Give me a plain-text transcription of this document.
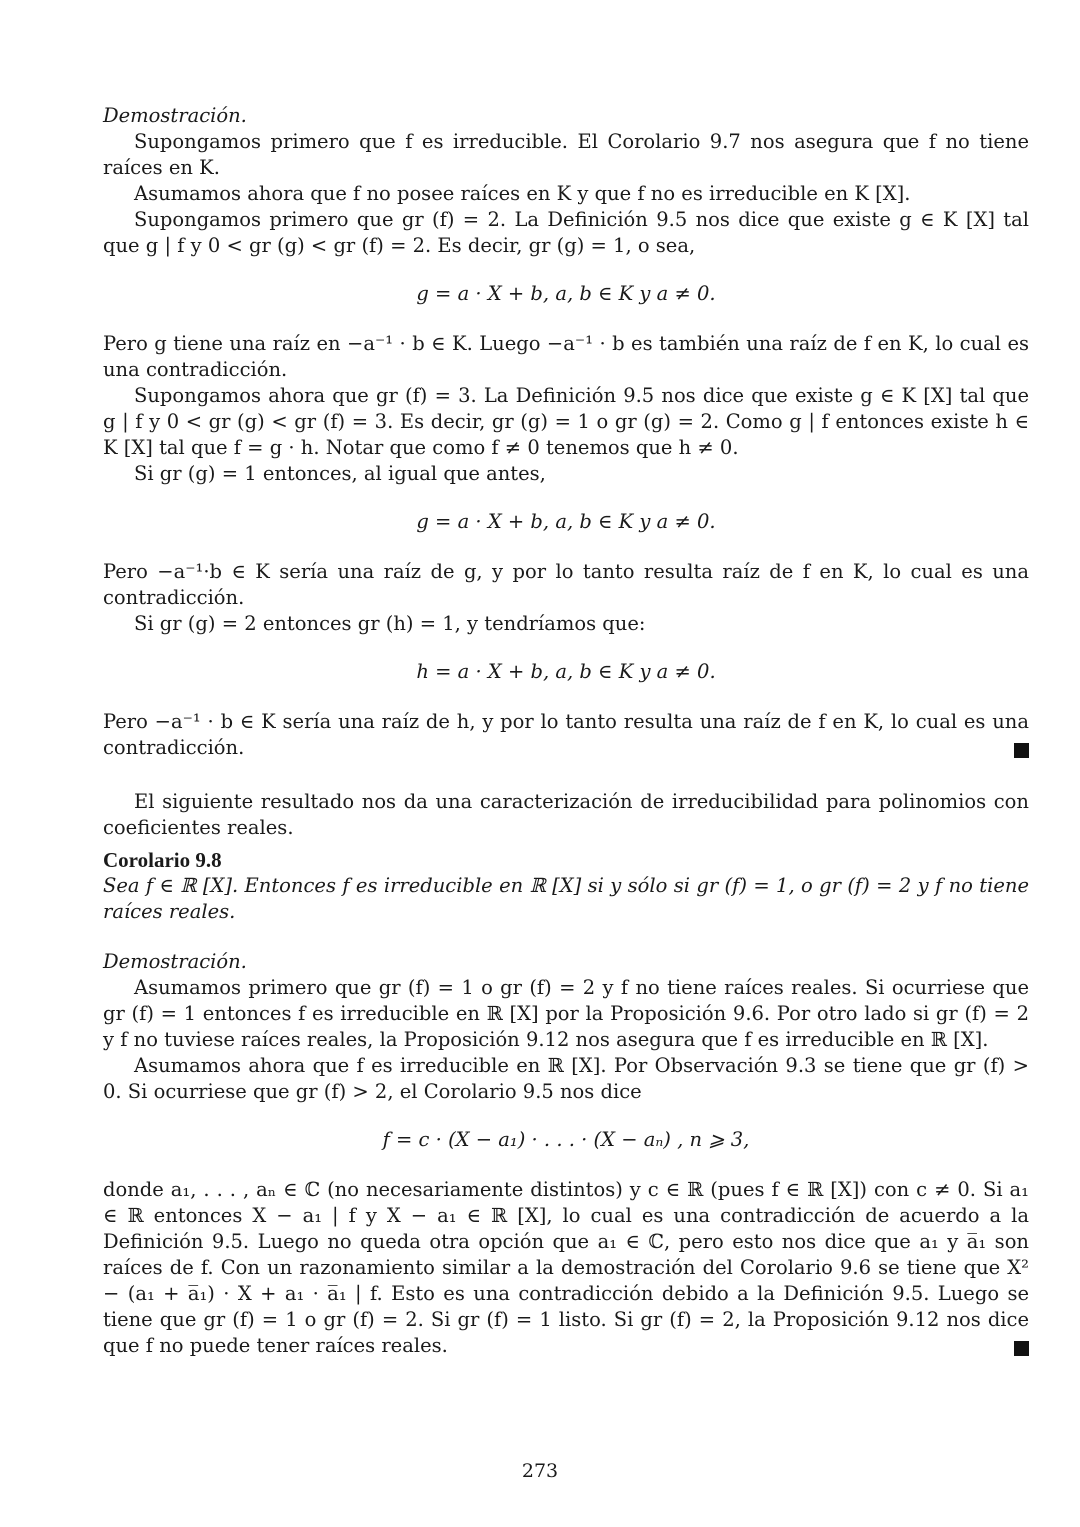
Demostración.

Supongamos primero que f es irreducible. El Corolario 9.7 nos asegura que f no tiene raíces en K.

Asumamos ahora que f no posee raíces en K y que f no es irreducible en K [X].

Supongamos primero que gr (f) = 2. La Definición 9.5 nos dice que existe g ∈ K [X] tal que g | f y 0 < gr (g) < gr (f) = 2. Es decir, gr (g) = 1, o sea,

g = a · X + b, a, b ∈ K y a ≠ 0.

Pero g tiene una raíz en −a⁻¹ · b ∈ K. Luego −a⁻¹ · b es también una raíz de f en K, lo cual es una contradicción.

Supongamos ahora que gr (f) = 3. La Definición 9.5 nos dice que existe g ∈ K [X] tal que g | f y 0 < gr (g) < gr (f) = 3. Es decir, gr (g) = 1 o gr (g) = 2. Como g | f entonces existe h ∈ K [X] tal que f = g · h. Notar que como f ≠ 0 tenemos que h ≠ 0.

Si gr (g) = 1 entonces, al igual que antes,

g = a · X + b, a, b ∈ K y a ≠ 0.

Pero −a⁻¹·b ∈ K sería una raíz de g, y por lo tanto resulta raíz de f en K, lo cual es una contradicción.

Si gr (g) = 2 entonces gr (h) = 1, y tendríamos que:

h = a · X + b, a, b ∈ K y a ≠ 0.

Pero −a⁻¹ · b ∈ K sería una raíz de h, y por lo tanto resulta una raíz de f en K, lo cual es una contradicción.

El siguiente resultado nos da una caracterización de irreducibilidad para polinomios con coeficientes reales.

Corolario 9.8

Sea f ∈ ℝ [X]. Entonces f es irreducible en ℝ [X] si y sólo si gr (f) = 1, o gr (f) = 2 y f no tiene raíces reales.

Demostración.

Asumamos primero que gr (f) = 1 o gr (f) = 2 y f no tiene raíces reales. Si ocurriese que gr (f) = 1 entonces f es irreducible en ℝ [X] por la Proposición 9.6. Por otro lado si gr (f) = 2 y f no tuviese raíces reales, la Proposición 9.12 nos asegura que f es irreducible en ℝ [X].

Asumamos ahora que f es irreducible en ℝ [X]. Por Observación 9.3 se tiene que gr (f) > 0. Si ocurriese que gr (f) > 2, el Corolario 9.5 nos dice

f = c · (X − a₁) · . . . · (X − aₙ) , n ⩾ 3,

donde a₁, . . . , aₙ ∈ ℂ (no necesariamente distintos) y c ∈ ℝ (pues f ∈ ℝ [X]) con c ≠ 0. Si a₁ ∈ ℝ entonces X − a₁ | f y X − a₁ ∈ ℝ [X], lo cual es una contradicción de acuerdo a la Definición 9.5. Luego no queda otra opción que a₁ ∈ ℂ, pero esto nos dice que a₁ y a̅₁ son raíces de f. Con un razonamiento similar a la demostración del Corolario 9.6 se tiene que X² − (a₁ + a̅₁) · X + a₁ · a̅₁ | f. Esto es una contradicción debido a la Definición 9.5. Luego se tiene que gr (f) = 1 o gr (f) = 2. Si gr (f) = 1 listo. Si gr (f) = 2, la Proposición 9.12 nos dice que f no puede tener raíces reales.

273
